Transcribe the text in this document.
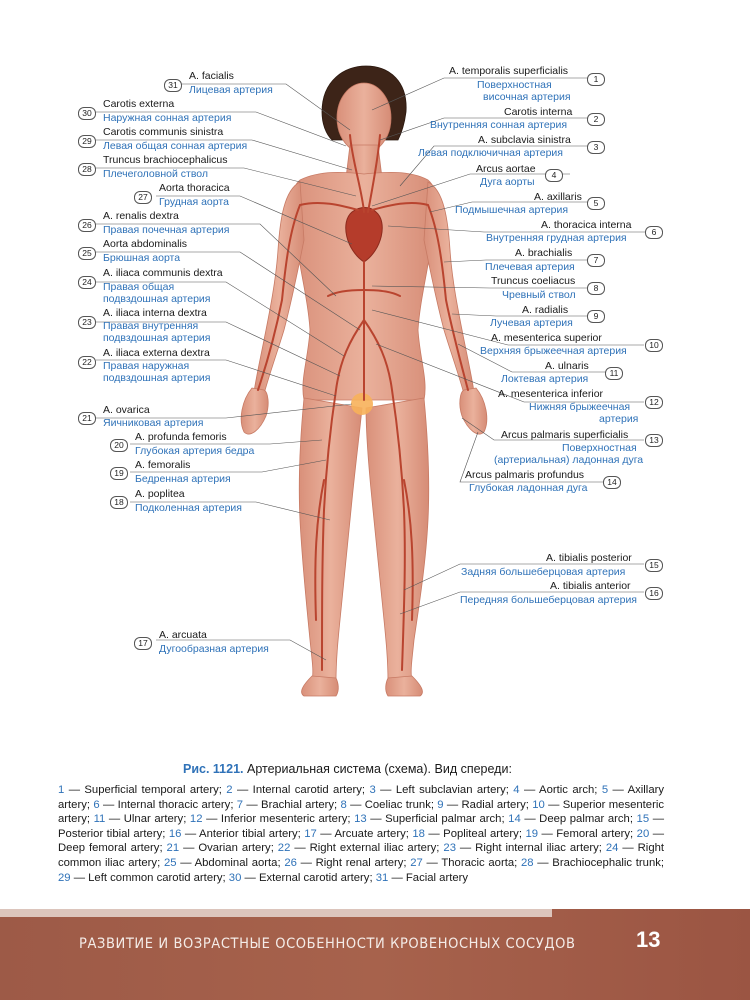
31
A. facialis
Лицевая артерия
30
Carotis externa
Наружная сонная артерия
29
Carotis communis sinistra
Левая общая сонная артерия
28
Truncus brachiocephalicus
Плечеголовной ствол
27
Aorta thoracica
Грудная аорта
26
A. renalis dextra
Правая почечная артерия
25
Aorta abdominalis
Брюшная аорта
24
A. iliaca communis dextra
Правая общая
подвздошная артерия
23
A. iliaca interna dextra
Правая внутренняя
подвздошная артерия
22
A. iliaca externa dextra
Правая наружная
подвздошная артерия
21
A. ovarica
Яичниковая артерия
20
A. profunda femoris
Глубокая артерия бедра
19
A. femoralis
Бедренная артерия
18
A. poplitea
Подколенная артерия
17
A. arcuata
Дугообразная артерия
A. temporalis superficialis
Поверхностная
височная артерия
1
Carotis interna
Внутренняя сонная артерия	2
A. subclavia sinistra
Левая подключичная артерия	3
Arcus aortae
Дуга аорты
4
A. axillaris
Подмышечная артерия
5
A. thoracica interna
Внутренняя грудная артерия	6
A. brachialis
Плечевая артерия
7
Truncus coeliacus
Чревный ствол
8
A. radialis
Лучевая артерия
9
A. mesenterica superior
Верхняя брыжеечная артерия	10
A. ulnaris
Локтевая артерия	11
A. mesenterica inferior
Нижняя брыжеечная
артерия
12
Arcus palmaris superficialis
Поверхностная
(артериальная) ладонная дуга
13
Arcus palmaris profundus
Глубокая ладонная дуга	14
A. tibialis posterior
Задняя большеберцовая артерия
15
A. tibialis anterior
Передняя большеберцовая артерия
16
Рис. 1121. Артериальная система (схема). Вид спереди:
1 — Superficial temporal artery; 2 — Internal carotid artery; 3 — Left subclavian artery; 4 — Aortic arch; 5 — Axillary artery; 6 — Internal thoracic artery; 7 — Brachial artery; 8 — Coeliac trunk; 9 — Radial artery; 10 — Superior mesenteric artery; 11 — Ulnar artery; 12 — Inferior mesenteric artery; 13 — Superficial palmar arch; 14 — Deep palmar arch; 15 — Posterior tibial artery; 16 — Anterior tibial artery; 17 — Arcuate artery; 18 — Popliteal artery; 19 — Femoral artery; 20 — Deep femoral artery; 21 — Ovarian artery; 22 — Right external iliac artery; 23 — Right internal iliac artery; 24 — Right common iliac artery; 25 — Abdominal aorta; 26 — Right renal artery; 27 — Thoracic aorta; 28 — Brachiocephalic trunk; 29 — Left common carotid artery; 30 — External carotid artery; 31 — Facial artery
РАЗВИТИЕ И ВОЗРАСТНЫЕ ОСОБЕННОСТИ КРОВЕНОСНЫХ СОСУДОВ	13
